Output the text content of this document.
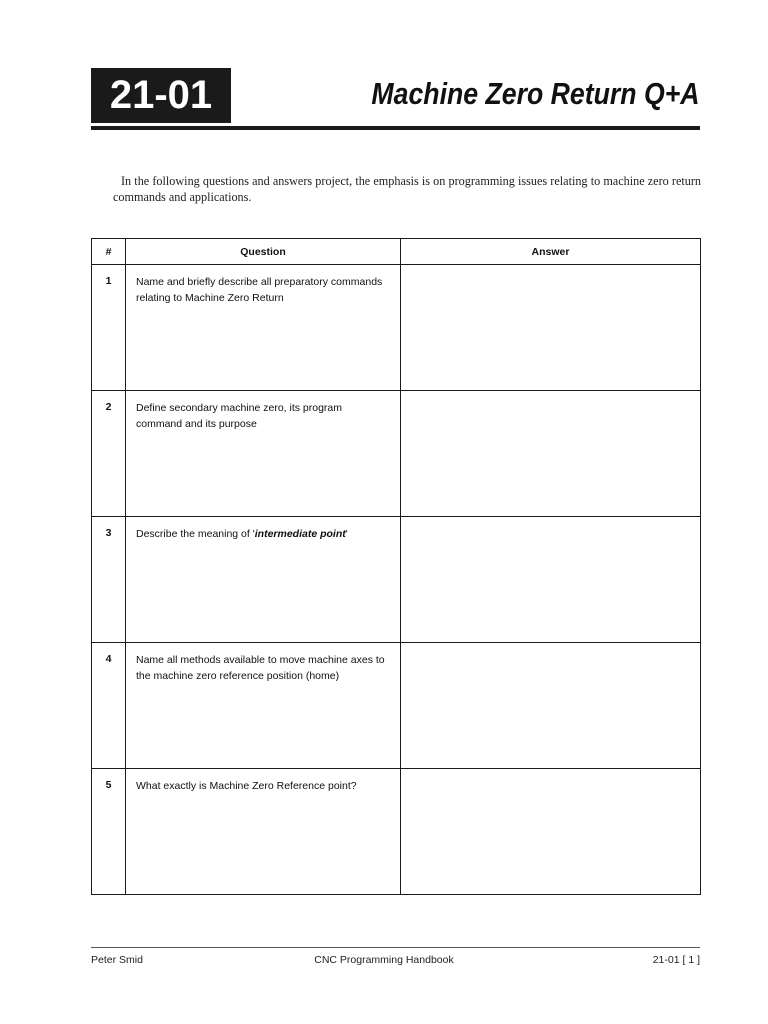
21-01	Machine Zero Return Q+A

In the following questions and answers project, the emphasis is on programming issues relating to machine zero return commands and applications.

#	Question	Answer
1	Name and briefly describe all preparatory commands relating to Machine Zero Return	
2	Define secondary machine zero, its program command and its purpose	
3	Describe the meaning of 'intermediate point'	
4	Name all methods available to move machine axes to the machine zero reference position (home)	
5	What exactly is Machine Zero Reference point?	
Peter Smid	CNC Programming Handbook	21-01 [ 1 ]
